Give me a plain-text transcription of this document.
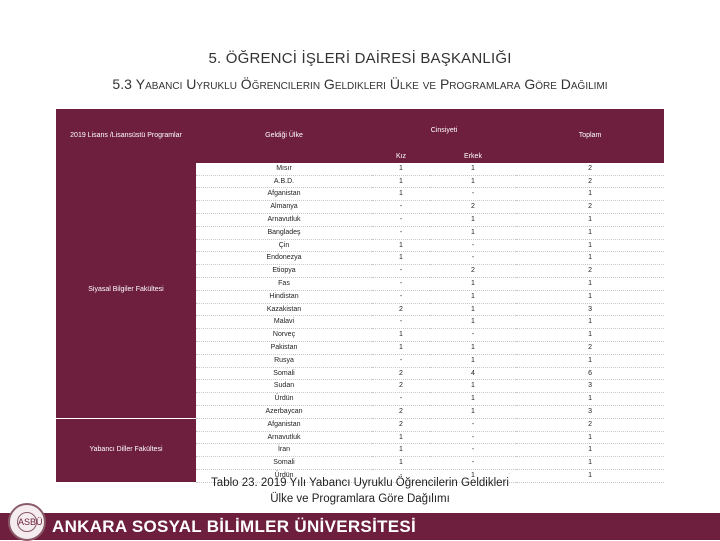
5. ÖĞRENCİ İŞLERİ DAİRESİ BAŞKANLIĞI
5.3 Yabancı Uyruklu Öğrencilerin Geldikleri Ülke ve Programlara Göre Dağılımı
2019 Lisans /Lisansüstü Programlar	Geldiği Ülke	Cinsiyeti		Toplam
		Kız	Erkek	
Siyasal Bilgiler Fakültesi	Mısır	1	1	2
	A.B.D.	1	1	2
	Afganistan	1	-	1
	Almanya	-	2	2
	Arnavutluk	-	1	1
	Bangladeş	-	1	1
	Çin	1	-	1
	Endonezya	1	-	1
	Etiopya	-	2	2
	Fas	-	1	1
	Hindistan	-	1	1
	Kazakistan	2	1	3
	Malavi	-	1	1
	Norveç	1	-	1
	Pakistan	1	1	2
	Rusya	-	1	1
	Somali	2	4	6
	Sudan	2	1	3
	Ürdün	-	1	1
	Azerbaycan	2	1	3
Yabancı Diller Fakültesi	Afganistan	2	-	2
	Arnavutluk	1	-	1
	İran	1	-	1
	Somali	1	-	1
	Ürdün	-	1	1
Tablo 23. 2019 Yılı Yabancı Uyruklu Öğrencilerin Geldikleri
Ülke ve Programlara Göre Dağılımı
ASBÜ ANKARA SOSYAL BİLİMLER ÜNİVERSİTESİ
